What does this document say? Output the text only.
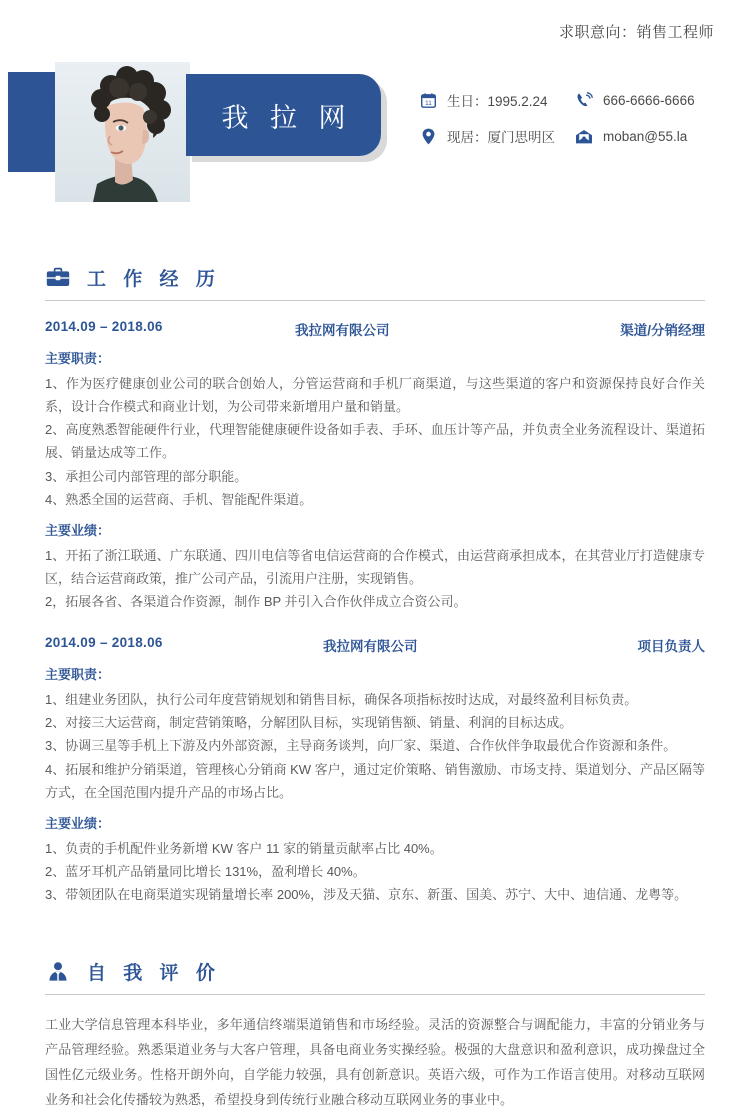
求职意向：销售工程师
我 拉 网	11 生日：1995.2.24	666-6666-6666
现居：厦门思明区	moban@55.la
工 作 经 历
2014.09 – 2018.06	我拉网有限公司	渠道/分销经理
主要职责：
1、作为医疗健康创业公司的联合创始人，分管运营商和手机厂商渠道，与这些渠道的客户和资源保持良好合作关系，设计合作模式和商业计划，为公司带来新增用户量和销量。
2、高度熟悉智能硬件行业，代理智能健康硬件设备如手表、手环、血压计等产品，并负责全业务流程设计、渠道拓展、销量达成等工作。
3、承担公司内部管理的部分职能。
4、熟悉全国的运营商、手机、智能配件渠道。
主要业绩：
1、开拓了浙江联通、广东联通、四川电信等省电信运营商的合作模式，由运营商承担成本，在其营业厅打造健康专区，结合运营商政策，推广公司产品，引流用户注册，实现销售。
2，拓展各省、各渠道合作资源，制作 BP 并引入合作伙伴成立合资公司。
2014.09 – 2018.06	我拉网有限公司	项目负责人
主要职责：
1、组建业务团队，执行公司年度营销规划和销售目标，确保各项指标按时达成，对最终盈利目标负责。
2、对接三大运营商，制定营销策略，分解团队目标，实现销售额、销量、利润的目标达成。
3、协调三星等手机上下游及内外部资源，主导商务谈判，向厂家、渠道、合作伙伴争取最优合作资源和条件。
4、拓展和维护分销渠道，管理核心分销商 KW 客户，通过定价策略、销售激励、市场支持、渠道划分、产品区隔等方式，在全国范围内提升产品的市场占比。
主要业绩：
1、负责的手机配件业务新增 KW 客户 11 家的销量贡献率占比 40%。
2、蓝牙耳机产品销量同比增长 131%，盈利增长 40%。
3、带领团队在电商渠道实现销量增长率 200%，涉及天猫、京东、新蛋、国美、苏宁、大中、迪信通、龙粤等。
自 我 评 价
工业大学信息管理本科毕业，多年通信终端渠道销售和市场经验。灵活的资源整合与调配能力，丰富的分销业务与产品管理经验。熟悉渠道业务与大客户管理，具备电商业务实操经验。极强的大盘意识和盈利意识，成功操盘过全国性亿元级业务。性格开朗外向，自学能力较强，具有创新意识。英语六级，可作为工作语言使用。对移动互联网业务和社会化传播较为熟悉，希望投身到传统行业融合移动互联网业务的事业中。
